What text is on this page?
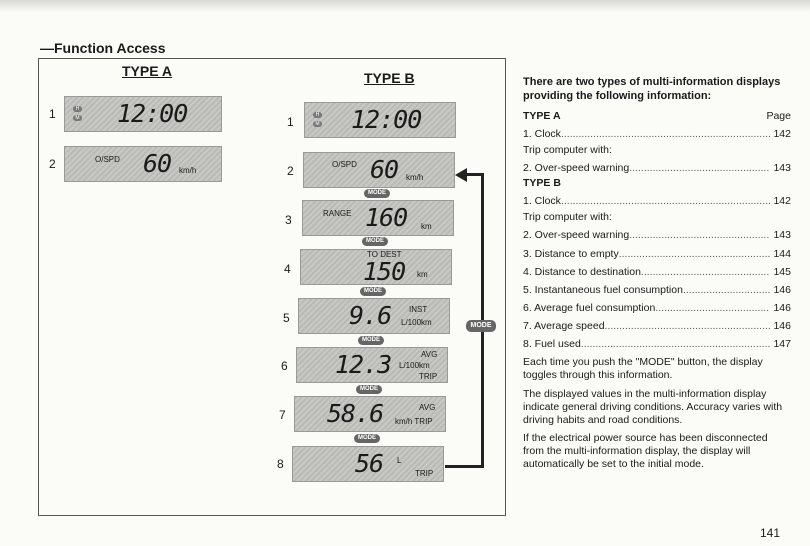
—Function Access
TYPE A	TYPE B
1	H
M 12:00
2	O/SPD 60 km/h
1	H
M 12:00
2	O/SPD 60 km/h
MODE
3	RANGE 160 km
MODE
4
TO DEST
150 km
MODE
5 9.6 INST
L/100km
MODE
6 12.3	AVG
L/100km
TRIP
MODE
7 58.6	AVG
km/h TRIP
MODE
8	56 L
TRIP
MODE
There are two types of multi-information displays providing the following information:
TYPE A	Page
1. Clock .....	142
Trip computer with:
2. Over-speed warning .....	143
TYPE B
1. Clock .....	142
Trip computer with:
2. Over-speed warning .....	143
3. Distance to empty .....	144
4. Distance to destination .....	145
5. Instantaneous fuel consumption .....	146
6. Average fuel consumption .....	146
7. Average speed .....	146
8. Fuel used .....	147
Each time you push the "MODE" button, the display toggles through this information.
The displayed values in the multi-information display indicate general driving conditions. Accuracy varies with driving habits and road conditions.
If the electrical power source has been disconnected from the multi-information display, the display will automatically be set to the initial mode.
141
